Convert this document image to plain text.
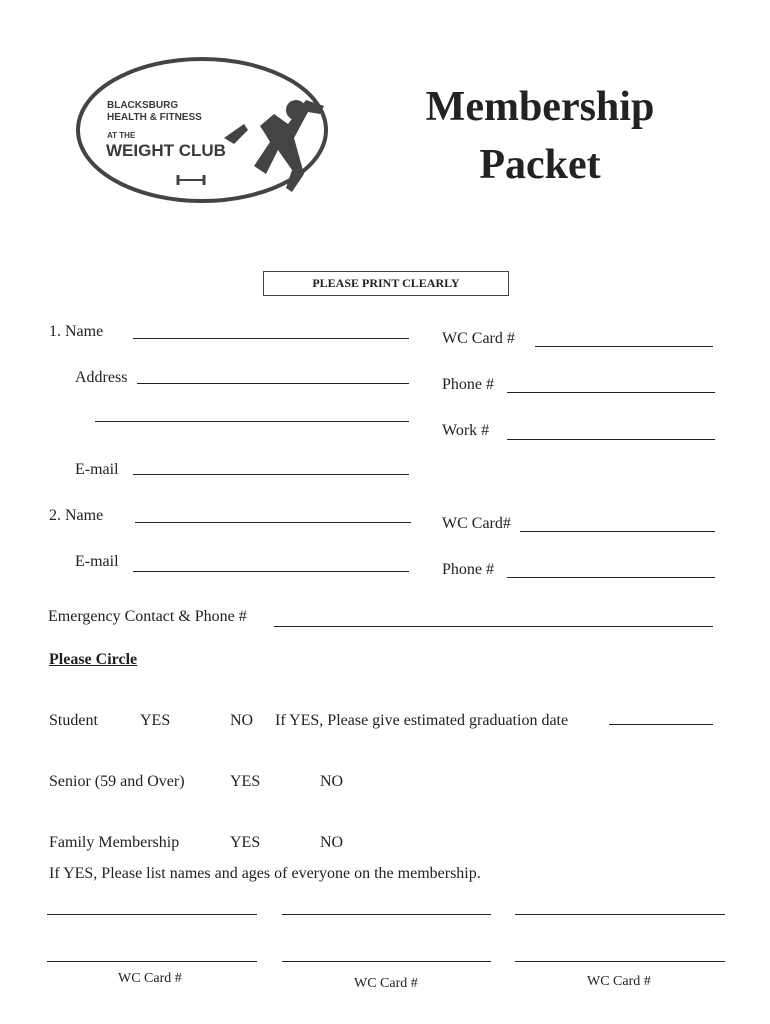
BLACKSBURG
HEALTH & FITNESS
AT THE
WEIGHT CLUB
Membership
Packet
PLEASE PRINT CLEARLY
1. Name	WC Card #
Address	Phone #
Work #
E-mail
2. Name	WC Card#
E-mail	Phone #
Emergency Contact & Phone #
Please Circle
Student	YES	NO If YES, Please give estimated graduation date
Senior (59 and Over)	YES	NO
Family Membership	YES	NO
If YES, Please list names and ages of everyone on the membership.
WC Card #	WC Card #	WC Card #
